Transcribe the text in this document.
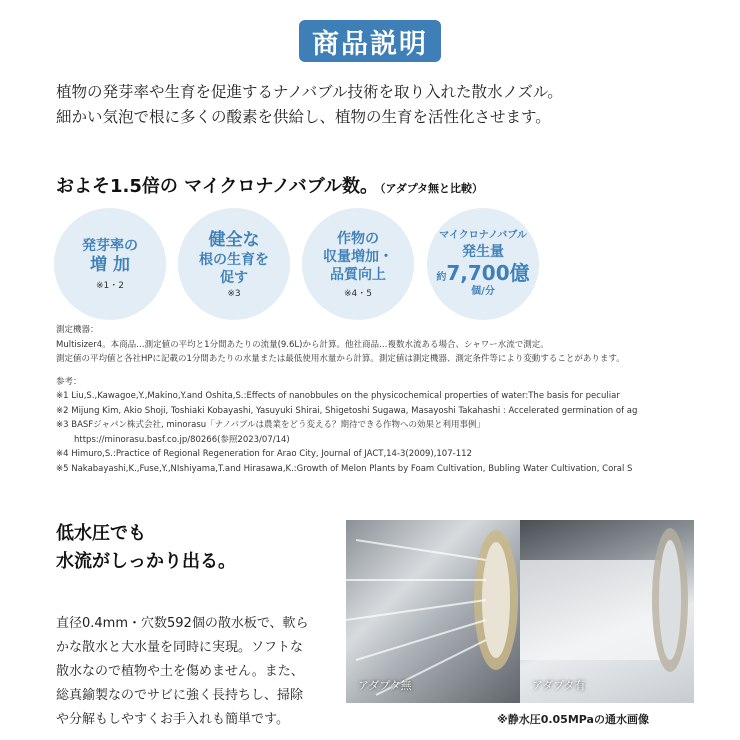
商品説明
植物の発芽率や生育を促進するナノバブル技術を取り入れた散水ノズル。
細かい気泡で根に多くの酸素を供給し、植物の生育を活性化させます。
およそ1.5倍の マイクロナノバブル数。 （アダプタ無と比較）
発芽率の
増 加
※1・2
健全な
根の生育を
促す
※3
作物の
収量増加・
品質向上
※4・5
マイクロナノバブル
発生量
約7,700億
個/分
測定機器：
Multisizer4。本商品…測定値の平均と1分間あたりの流量(9.6L)から計算。他社商品…複数水流ある場合、シャワー水流で測定。
測定値の平均値と各社HPに記載の1分間あたりの水量または最低使用水量から計算。測定値は測定機器、測定条件等により変動することがあります。
参考：
※1 Liu,S.,Kawagoe,Y.,Makino,Y.and Oshita,S.:Effects of nanobbules on the physicochemical properties of water:The basis for peculiar
※2 Mijung Kim, Akio Shoji, Toshiaki Kobayashi, Yasuyuki Shirai, Shigetoshi Sugawa, Masayoshi Takahashi : Accelerated germination of ag
※3 BASFジャパン株式会社, minorasu「ナノバブルは農業をどう変える？期待できる作物への効果と利用事例」
https://minorasu.basf.co.jp/80266(参照2023/07/14)
※4 Himuro,S.:Practice of Regional Regeneration for Arao City, Journal of JACT,14-3(2009),107-112
※5 Nakabayashi,K.,Fuse,Y.,NIshiyama,T.and Hirasawa,K.:Growth of Melon Plants by Foam Cultivation, Bubling Water Cultivation, Coral S
低水圧でも
水流がしっかり出る。
直径0.4mm・穴数592個の散水板で、軟ら
かな散水と大水量を同時に実現。ソフトな
散水なので植物や土を傷めません。また、
総真鍮製なのでサビに強く長持ちし、掃除
や分解もしやすくお手入れも簡単です。
アダプタ無	アダプタ有
※静水圧0.05MPaの通水画像
